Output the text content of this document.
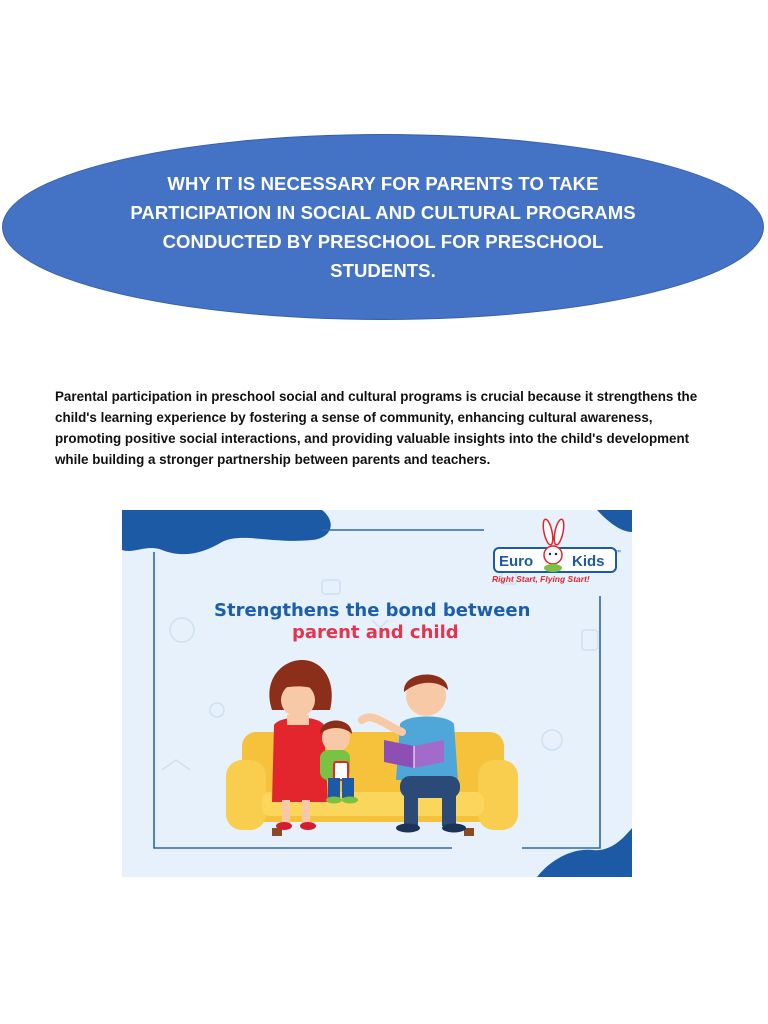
WHY IT IS NECESSARY FOR PARENTS TO TAKE PARTICIPATION IN SOCIAL AND CULTURAL PROGRAMS CONDUCTED BY PRESCHOOL FOR PRESCHOOL STUDENTS.

Parental participation in preschool social and cultural programs is crucial because it strengthens the child's learning experience by fostering a sense of community, enhancing cultural awareness, promoting positive social interactions, and providing valuable insights into the child's development while building a stronger partnership between parents and teachers.

Euro	Kids ™
Right Start, Flying Start!
Strengthens the bond between
parent and child
